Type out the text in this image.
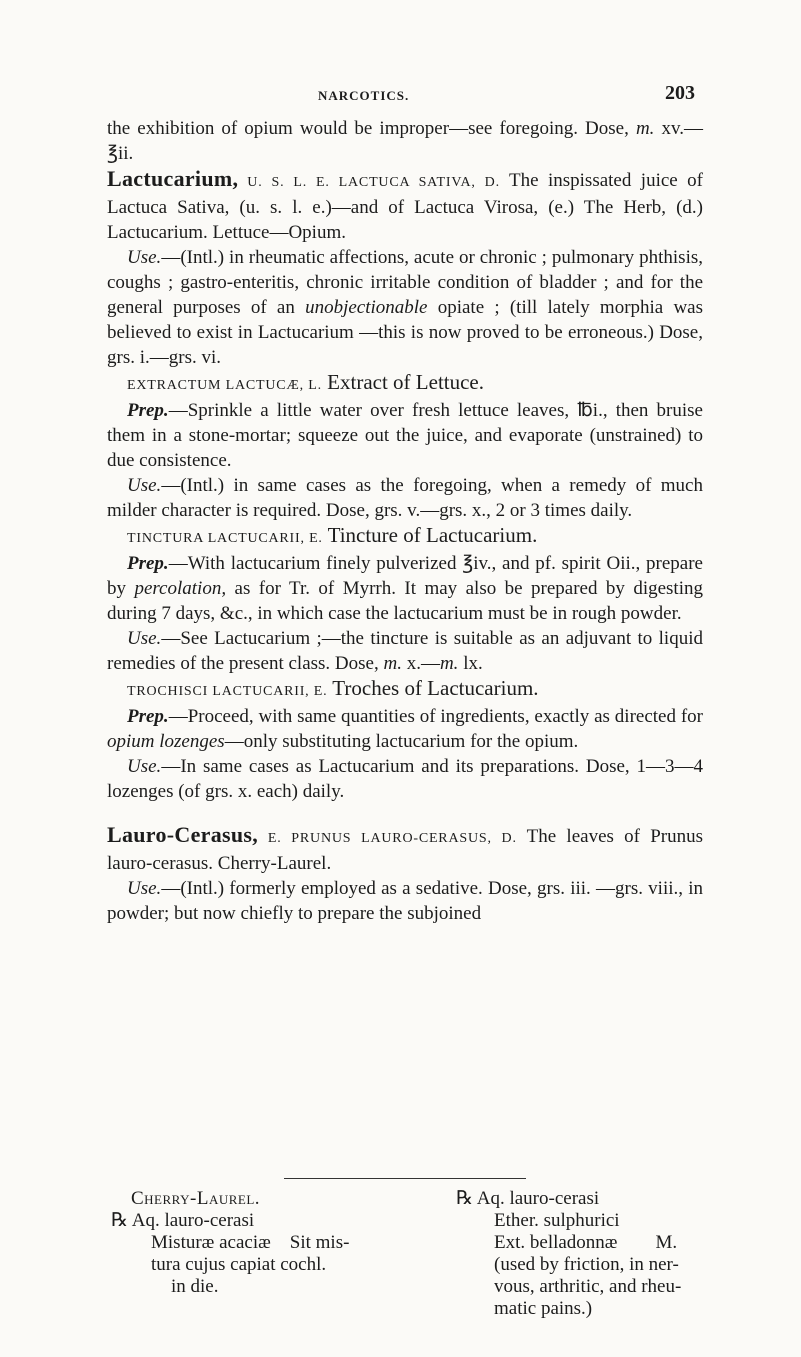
NARCOTICS.	203

the exhibition of opium would be improper—see foregoing. Dose, m. xv.—℥ii.

Lactucarium, U. S. L. E. LACTUCA SATIVA, D. The inspissated juice of Lactuca Sativa, (u. s. l. e.)—and of Lactuca Virosa, (e.) The Herb, (d.) Lactucarium. Lettuce—Opium.

Use.—(Intl.) in rheumatic affections, acute or chronic ; pulmonary phthisis, coughs ; gastro-enteritis, chronic irritable condition of bladder ; and for the general purposes of an unobjectionable opiate ; (till lately morphia was believed to exist in Lactucarium —this is now proved to be erroneous.) Dose, grs. i.—grs. vi.

EXTRACTUM LACTUCÆ, L. Extract of Lettuce.

Prep.—Sprinkle a little water over fresh lettuce leaves, ℔i., then bruise them in a stone-mortar; squeeze out the juice, and evaporate (unstrained) to due consistence.

Use.—(Intl.) in same cases as the foregoing, when a remedy of much milder character is required. Dose, grs. v.—grs. x., 2 or 3 times daily.

TINCTURA LACTUCARII, E. Tincture of Lactucarium.

Prep.—With lactucarium finely pulverized ℥iv., and pf. spirit Oii., prepare by percolation, as for Tr. of Myrrh. It may also be prepared by digesting during 7 days, &c., in which case the lactucarium must be in rough powder.

Use.—See Lactucarium ;—the tincture is suitable as an adjuvant to liquid remedies of the present class. Dose, m. x.—m. lx.

TROCHISCI LACTUCARII, E. Troches of Lactucarium.

Prep.—Proceed, with same quantities of ingredients, exactly as directed for opium lozenges—only substituting lactucarium for the opium.

Use.—In same cases as Lactucarium and its preparations. Dose, 1—3—4 lozenges (of grs. x. each) daily.

Lauro-Cerasus, E. PRUNUS LAURO-CERASUS, D. The leaves of Prunus lauro-cerasus. Cherry-Laurel.

Use.—(Intl.) formerly employed as a sedative. Dose, grs. iii. —grs. viii., in powder; but now chiefly to prepare the subjoined

Cherry-Laurel.
℞ Aq. lauro-cerasi
Misturæ acaciæ    Sit mis-
tura cujus capiat cochl.
in die.
℞ Aq. lauro-cerasi
Ether. sulphurici
Ext. belladonnæ        M.
(used by friction, in ner-
vous, arthritic, and rheu-
matic pains.)
